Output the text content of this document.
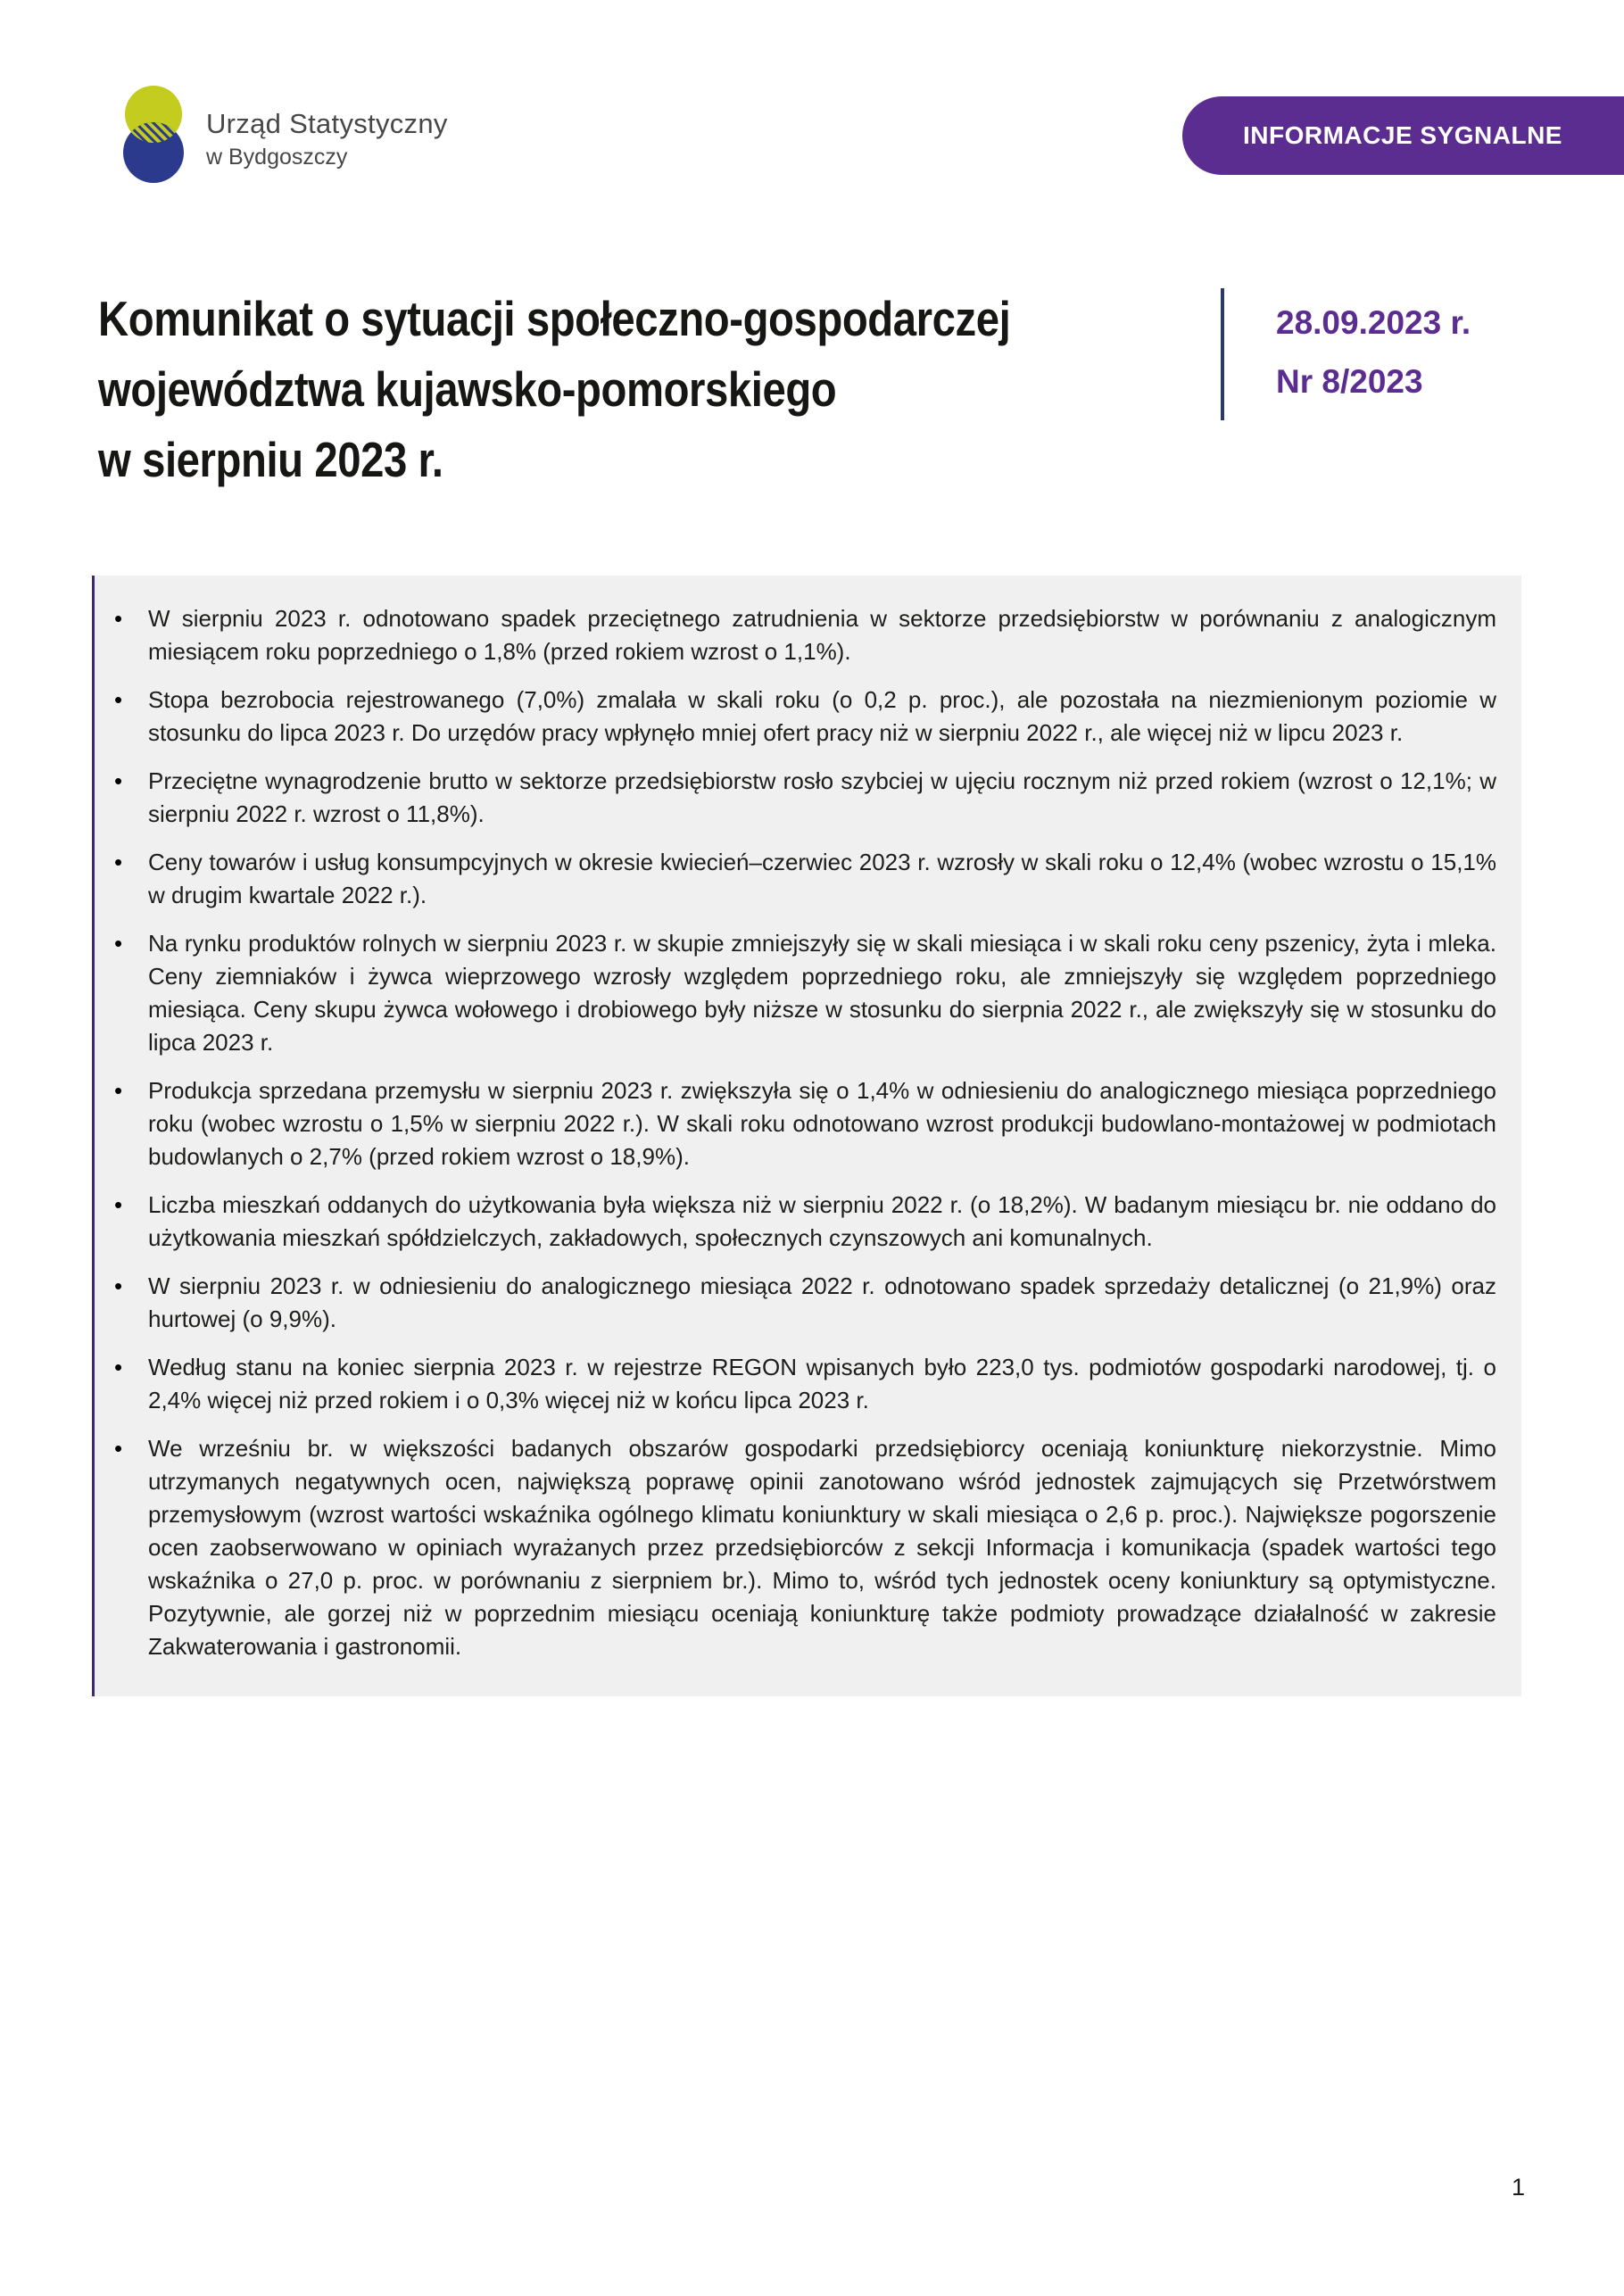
Urząd Statystyczny
w Bydgoszczy
INFORMACJE SYGNALNE
Komunikat o sytuacji społeczno-gospodarczej
województwa kujawsko-pomorskiego
w sierpniu 2023 r.
28.09.2023 r.
Nr 8/2023
• W sierpniu 2023 r. odnotowano spadek przeciętnego zatrudnienia w sektorze przedsiębiorstw w porównaniu z analogicznym miesiącem roku poprzedniego o 1,8% (przed rokiem wzrost o 1,1%).
• Stopa bezrobocia rejestrowanego (7,0%) zmalała w skali roku (o 0,2 p. proc.), ale pozostała na niezmienionym poziomie w stosunku do lipca 2023 r. Do urzędów pracy wpłynęło mniej ofert pracy niż w sierpniu 2022 r., ale więcej niż w lipcu 2023 r.
• Przeciętne wynagrodzenie brutto w sektorze przedsiębiorstw rosło szybciej w ujęciu rocznym niż przed rokiem (wzrost o 12,1%; w sierpniu 2022 r. wzrost o 11,8%).
• Ceny towarów i usług konsumpcyjnych w okresie kwiecień–czerwiec 2023 r. wzrosły w skali roku o 12,4% (wobec wzrostu o 15,1% w drugim kwartale 2022 r.).
• Na rynku produktów rolnych w sierpniu 2023 r. w skupie zmniejszyły się w skali miesiąca i w skali roku ceny pszenicy, żyta i mleka. Ceny ziemniaków i żywca wieprzowego wzrosły względem poprzedniego roku, ale zmniejszyły się względem poprzedniego miesiąca. Ceny skupu żywca wołowego i drobiowego były niższe w stosunku do sierpnia 2022 r., ale zwiększyły się w stosunku do lipca 2023 r.
• Produkcja sprzedana przemysłu w sierpniu 2023 r. zwiększyła się o 1,4% w odniesieniu do analogicznego miesiąca poprzedniego roku (wobec wzrostu o 1,5% w sierpniu 2022 r.). W skali roku odnotowano wzrost produkcji budowlano-montażowej w podmiotach budowlanych o 2,7% (przed rokiem wzrost o 18,9%).
• Liczba mieszkań oddanych do użytkowania była większa niż w sierpniu 2022 r. (o 18,2%). W badanym miesiącu br. nie oddano do użytkowania mieszkań spółdzielczych, zakładowych, społecznych czynszowych ani komunalnych.
• W sierpniu 2023 r. w odniesieniu do analogicznego miesiąca 2022 r. odnotowano spadek sprzedaży detalicznej (o 21,9%) oraz hurtowej (o 9,9%).
• Według stanu na koniec sierpnia 2023 r. w rejestrze REGON wpisanych było 223,0 tys. podmiotów gospodarki narodowej, tj. o 2,4% więcej niż przed rokiem i o 0,3% więcej niż w końcu lipca 2023 r.
• We wrześniu br. w większości badanych obszarów gospodarki przedsiębiorcy oceniają koniunkturę niekorzystnie. Mimo utrzymanych negatywnych ocen, największą poprawę opinii zanotowano wśród jednostek zajmujących się Przetwórstwem przemysłowym (wzrost wartości wskaźnika ogólnego klimatu koniunktury w skali miesiąca o 2,6 p. proc.). Największe pogorszenie ocen zaobserwowano w opiniach wyrażanych przez przedsiębiorców z sekcji Informacja i komunikacja (spadek wartości tego wskaźnika o 27,0 p. proc. w porównaniu z sierpniem br.). Mimo to, wśród tych jednostek oceny koniunktury są optymistyczne. Pozytywnie, ale gorzej niż w poprzednim miesiącu oceniają koniunkturę także podmioty prowadzące działalność w zakresie Zakwaterowania i gastronomii.
1
